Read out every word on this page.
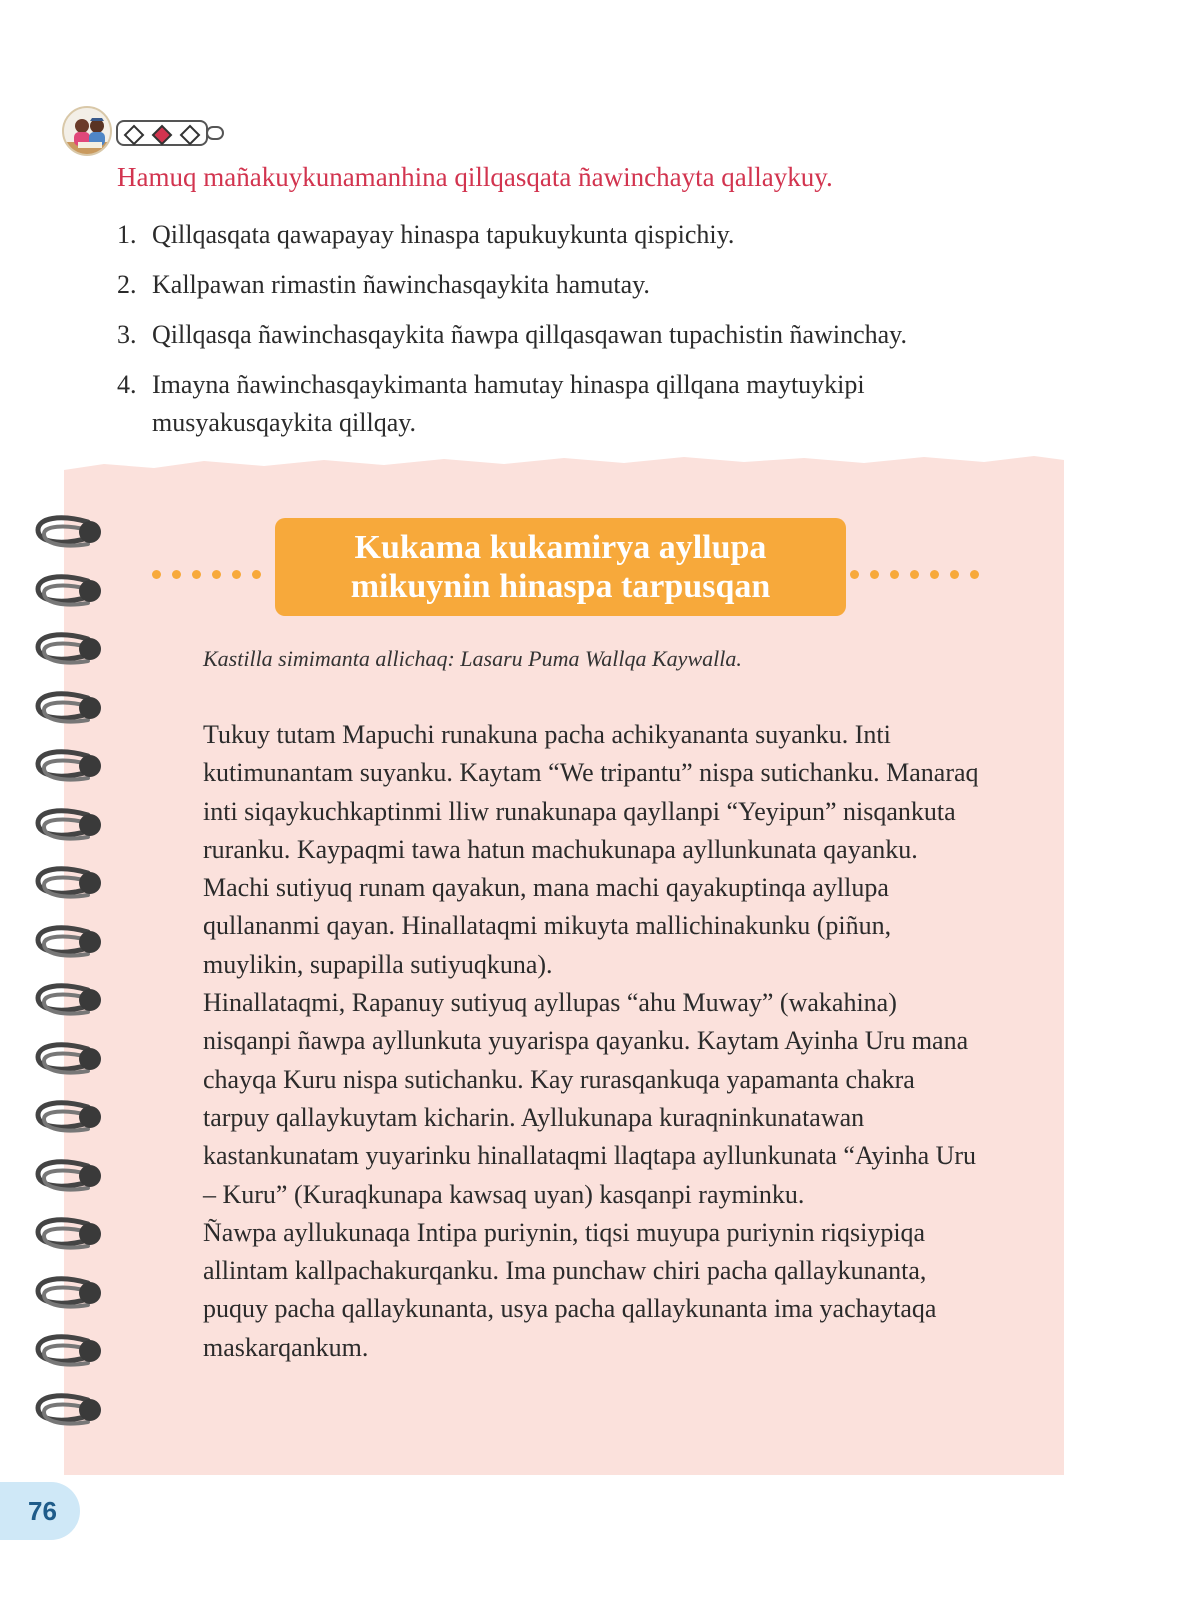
Hamuq mañakuykunamanhina qillqasqata ñawinchayta qallaykuy.
1. Qillqasqata qawapayay hinaspa tapukuykunta qispichiy.
2. Kallpawan rimastin ñawinchasqaykita hamutay.
3. Qillqasqa ñawinchasqaykita ñawpa qillqasqawan tupachistin ñawinchay.
4. Imayna ñawinchasqaykimanta hamutay hinaspa qillqana maytuykipi musyakusqaykita qillqay.
Kukama kukamirya ayllupa
mikuynin hinaspa tarpusqan
Kastilla simimanta allichaq: Lasaru Puma Wallqa Kaywalla.

Tukuy tutam Mapuchi runakuna pacha achikyananta suyanku. Inti kutimunantam suyanku. Kaytam “We tripantu” nispa sutichanku. Manaraq inti siqaykuchkaptinmi lliw runakunapa qayllanpi “Yeyipun” nisqankuta ruranku. Kaypaqmi tawa hatun machukunapa ayllunkunata qayanku. Machi sutiyuq runam qayakun, mana machi qayakuptinqa ayllupa qullananmi qayan. Hinallataqmi mikuyta mallichinakunku (piñun, muylikin, supapilla sutiyuqkuna).

Hinallataqmi, Rapanuy sutiyuq ayllupas “ahu Muway” (wakahina) nisqanpi ñawpa ayllunkuta yuyarispa qayanku. Kaytam Ayinha Uru mana chayqa Kuru nispa sutichanku. Kay rurasqankuqa yapamanta chakra tarpuy qallaykuytam kicharin. Ayllukunapa kuraqninkunatawan kastankunatam yuyarinku hinallataqmi llaqtapa ayllunkunata “Ayinha Uru – Kuru” (Kuraqkunapa kawsaq uyan) kasqanpi rayminku.

Ñawpa ayllukunaqa Intipa puriynin, tiqsi muyupa puriynin riqsiypiqa allintam kallpachakurqanku. Ima punchaw chiri pacha qallaykunanta, puquy pacha qallaykunanta, usya pacha qallaykunanta ima yachaytaqa maskarqankum.

76
